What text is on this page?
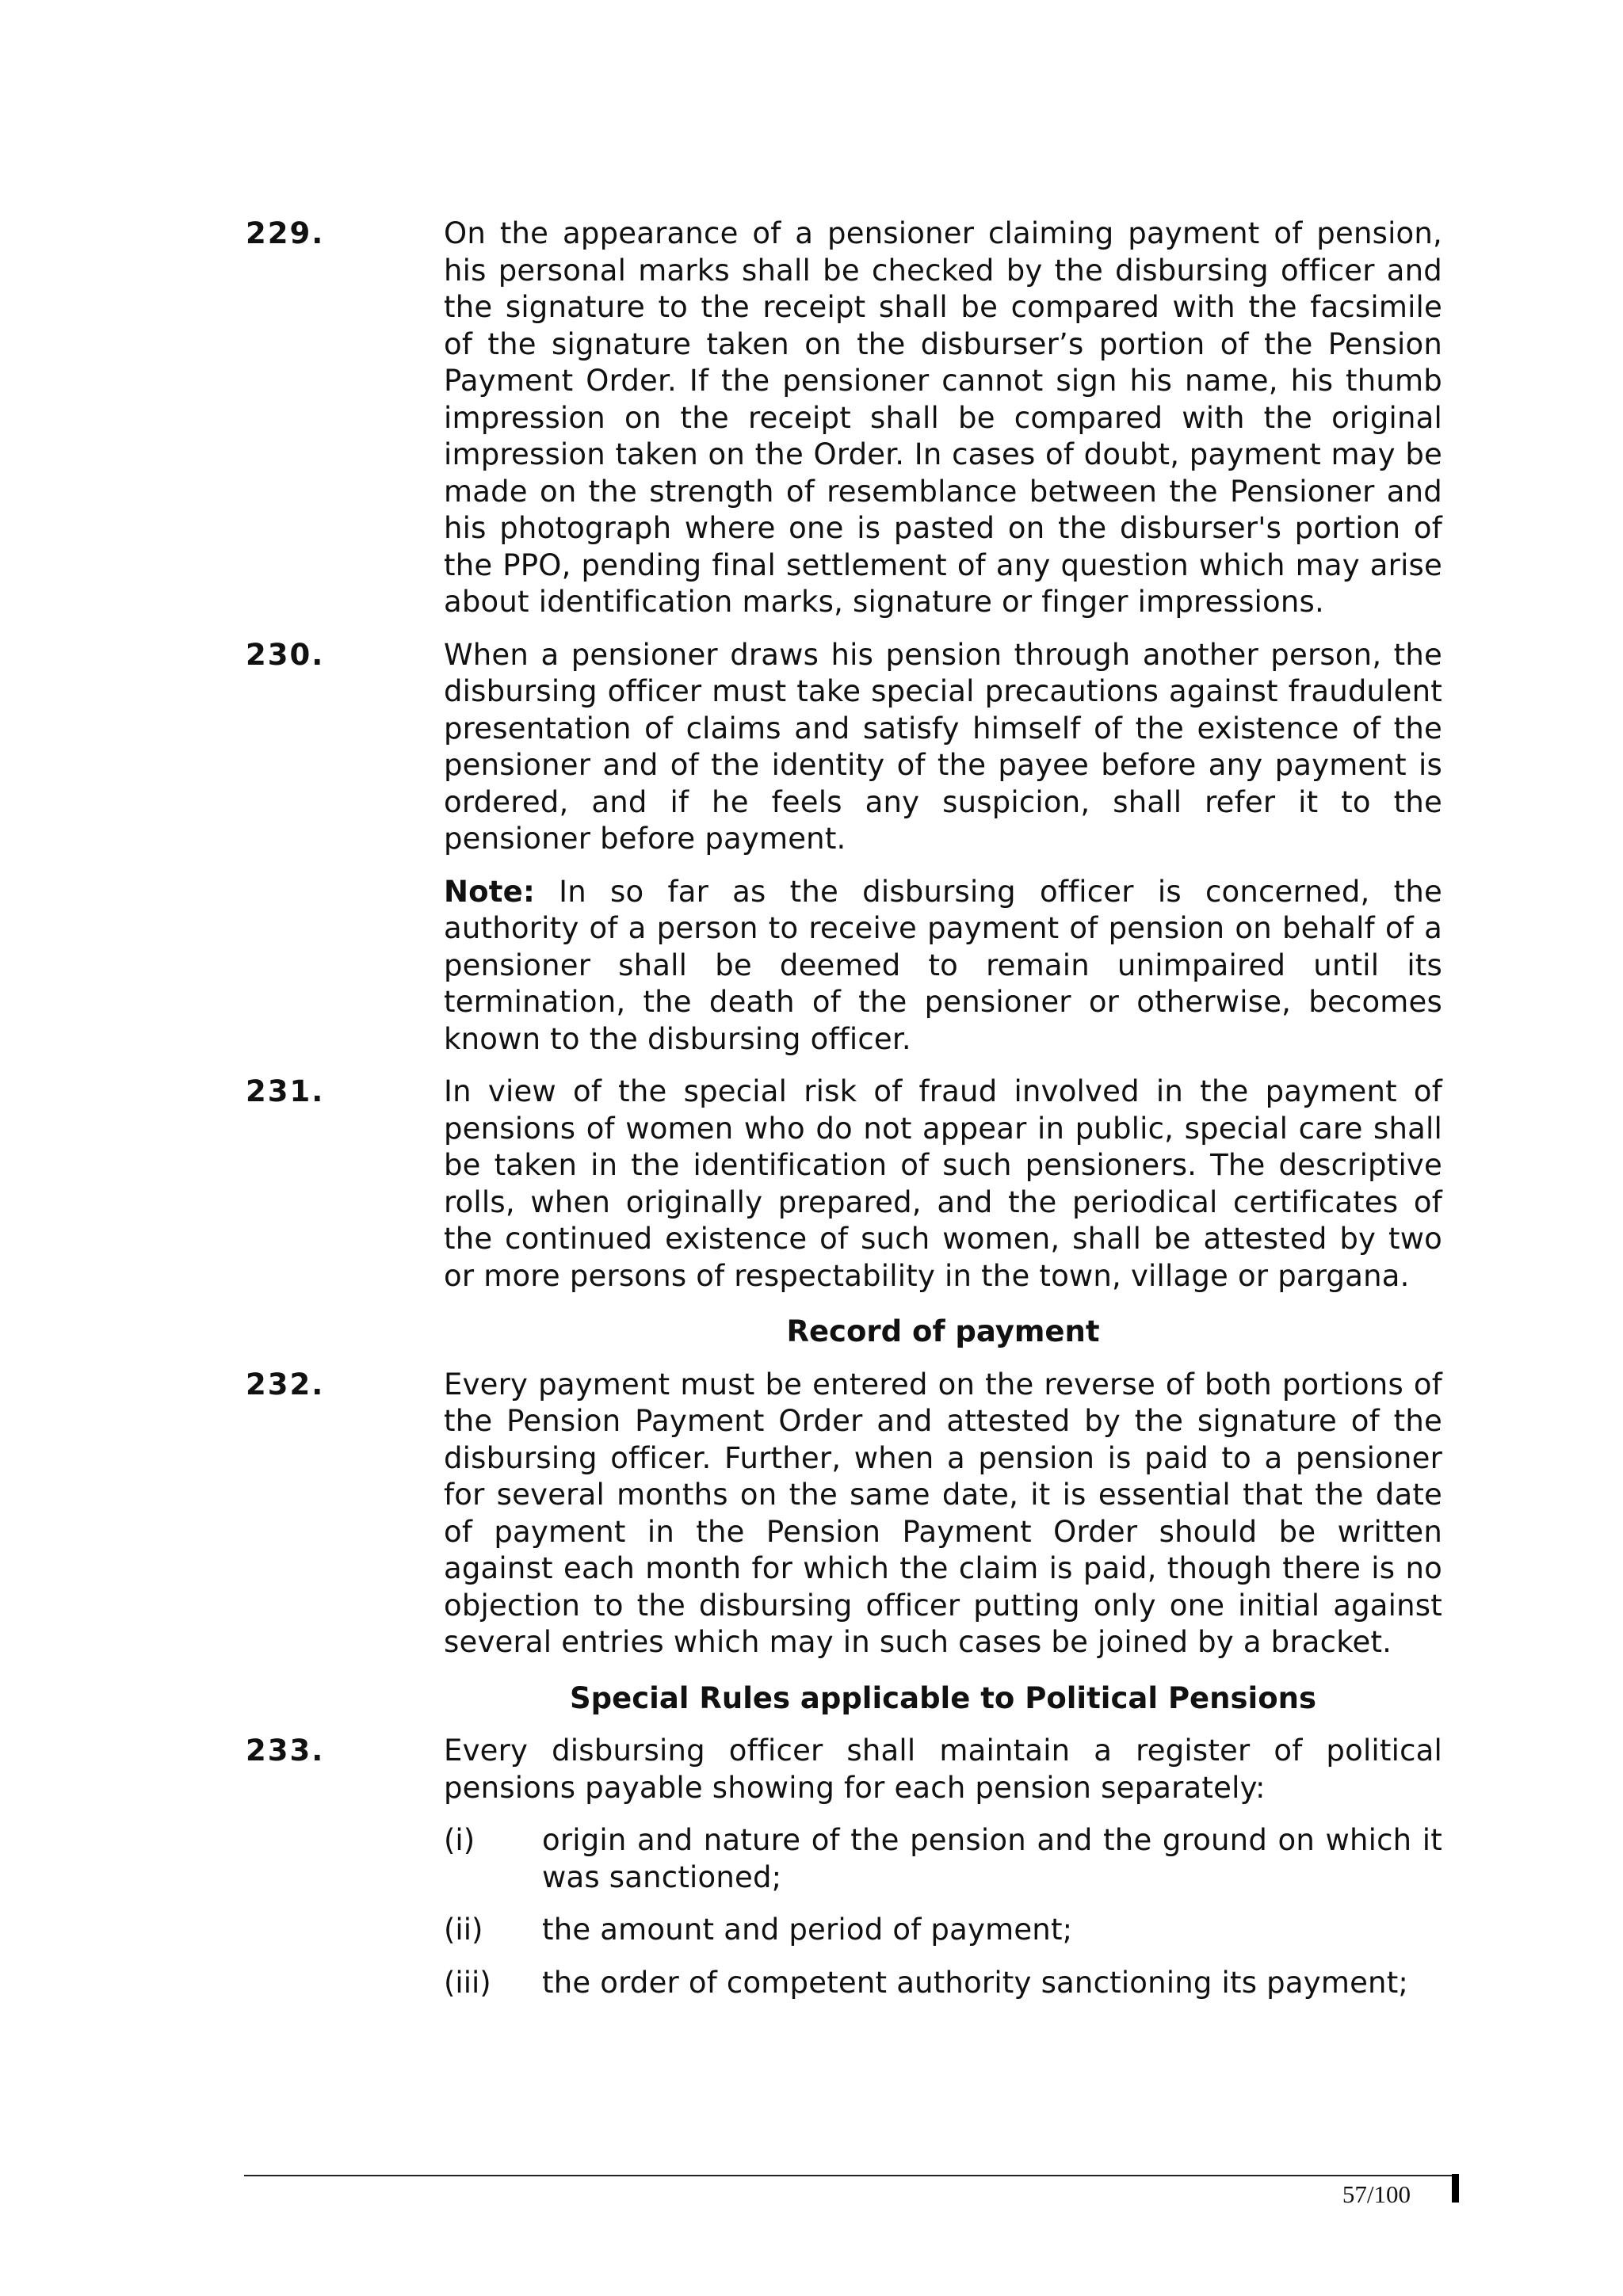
229.	On the appearance of a pensioner claiming payment of pension, his personal marks shall be checked by the disbursing officer and the signature to the receipt shall be compared with the facsimile of the signature taken on the disburser’s portion of the Pension Payment Order. If the pensioner cannot sign his name, his thumb impression on the receipt shall be compared with the original impression taken on the Order. In cases of doubt, payment may be made on the strength of resemblance between the Pensioner and his photograph where one is pasted on the disburser's portion of the PPO, pending final settlement of any question which may arise about identification marks, signature or finger impressions.

230.	When a pensioner draws his pension through another person, the disbursing officer must take special precautions against fraudulent presentation of claims and satisfy himself of the existence of the pensioner and of the identity of the payee before any payment is ordered, and if he feels any suspicion, shall refer it to the pensioner before payment.

Note: In so far as the disbursing officer is concerned, the authority of a person to receive payment of pension on behalf of a pensioner shall be deemed to remain unimpaired until its termination, the death of the pensioner or otherwise, becomes known to the disbursing officer.

231.	In view of the special risk of fraud involved in the payment of pensions of women who do not appear in public, special care shall be taken in the identification of such pensioners. The descriptive rolls, when originally prepared, and the periodical certificates of the continued existence of such women, shall be attested by two or more persons of respectability in the town, village or pargana.

Record of payment
232.	Every payment must be entered on the reverse of both portions of the Pension Payment Order and attested by the signature of the disbursing officer. Further, when a pension is paid to a pensioner for several months on the same date, it is essential that the date of payment in the Pension Payment Order should be written against each month for which the claim is paid, though there is no objection to the disbursing officer putting only one initial against several entries which may in such cases be joined by a bracket.

Special Rules applicable to Political Pensions
233.	Every disbursing officer shall maintain a register of political pensions payable showing for each pension separately:

(i)	origin and nature of the pension and the ground on which it was sanctioned;
(ii)	the amount and period of payment;
(iii)	the order of competent authority sanctioning its payment;
57/100
